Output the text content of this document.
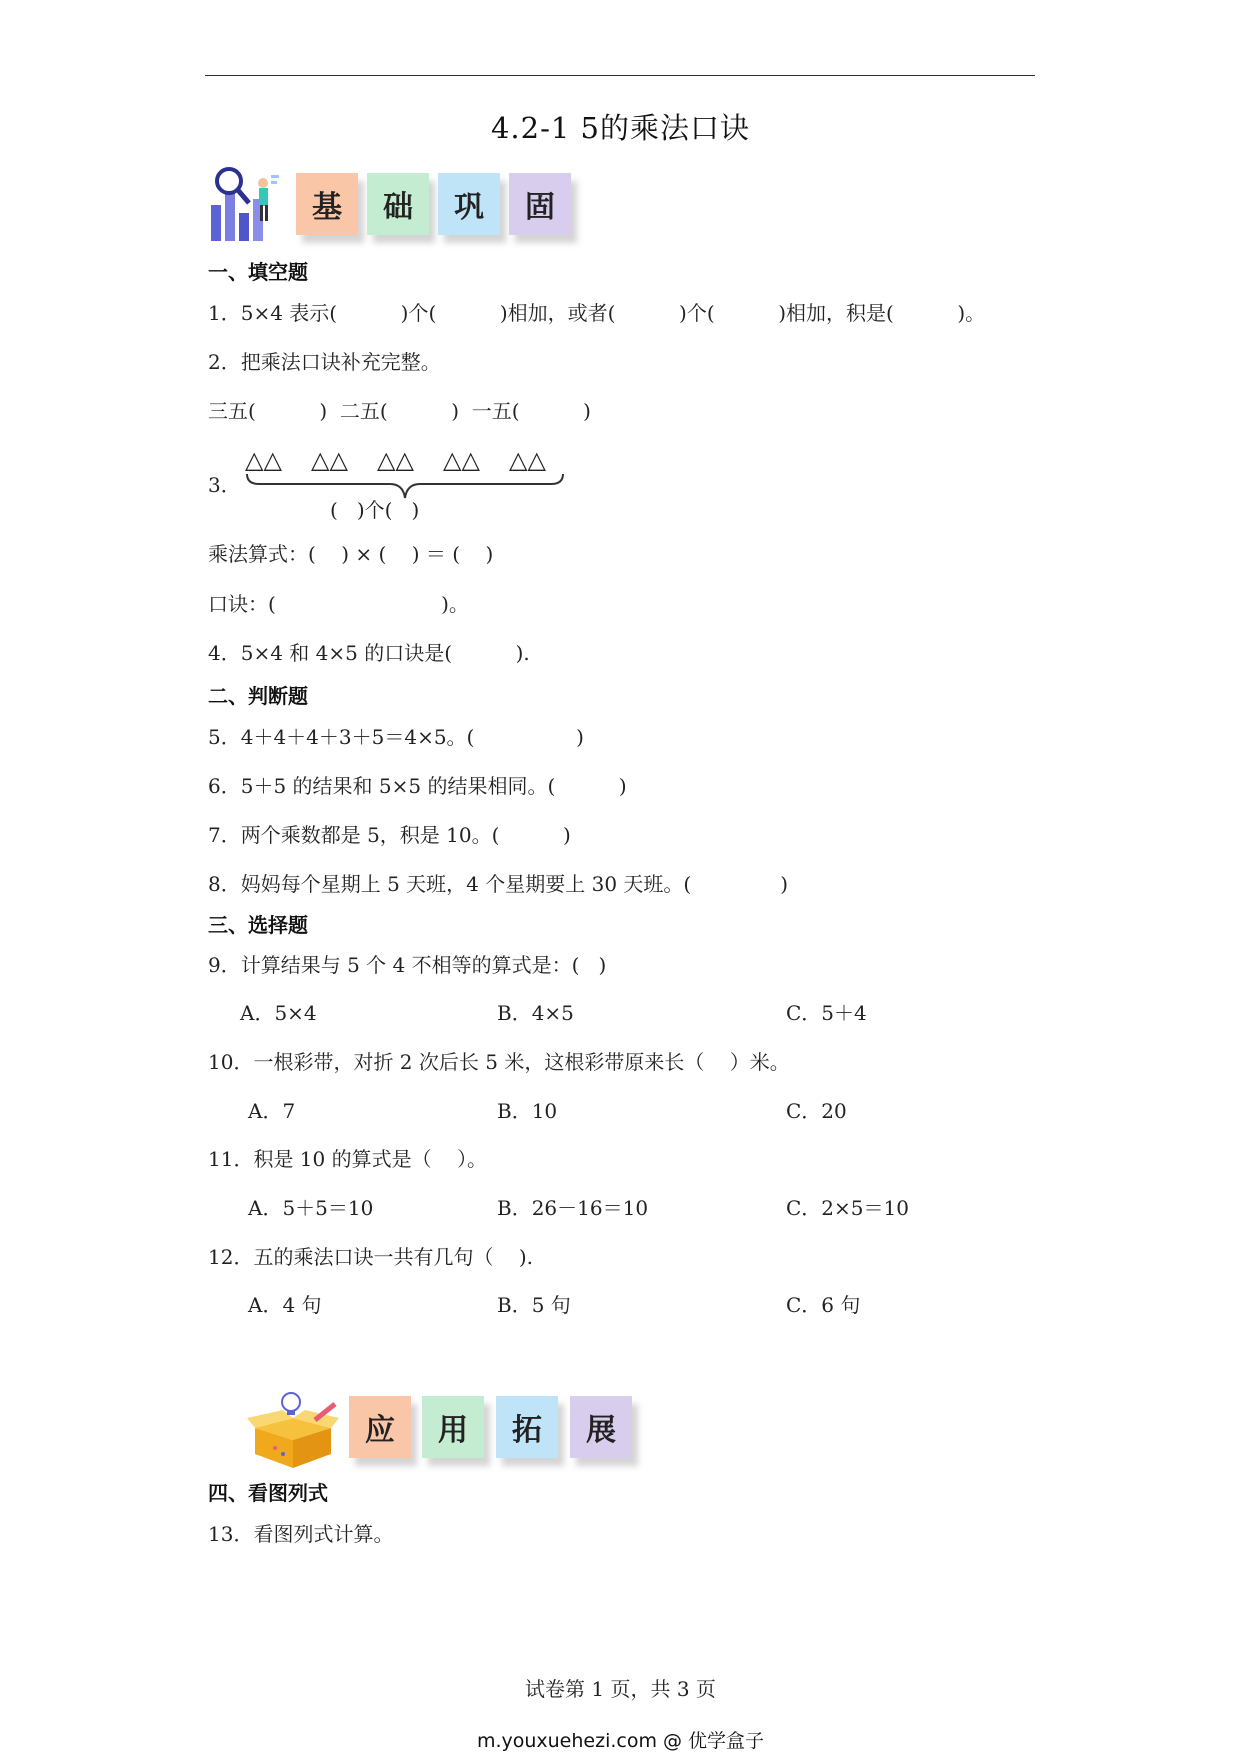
4.2-1 5的乘法口诀
基 础 巩 固
一、填空题
1．5×4 表示(          )个(          )相加，或者(          )个(          )相加，积是(          )。
2．把乘法口诀补充完整。
三五(          )  二五(          )  一五(          )
3．
△△ △△ △△ △△ △△
(   )个(   )
乘法算式：(    ) × (    ) ＝ (    )
口诀：(                          )。
4．5×4 和 4×5 的口诀是(          ).
二、判断题
5．4＋4＋4＋3＋5＝4×5。(                )
6．5＋5 的结果和 5×5 的结果相同。(          )
7．两个乘数都是 5，积是 10。(          )
8．妈妈每个星期上 5 天班，4 个星期要上 30 天班。(              )
三、选择题
9．计算结果与 5 个 4 不相等的算式是：(   )
A．5×4	B．4×5	C．5＋4
10．一根彩带，对折 2 次后长 5 米，这根彩带原来长（    ）米。
A．7	B．10	C．20
11．积是 10 的算式是（    ）。
A．5＋5＝10	B．26－16＝10	C．2×5＝10
12．五的乘法口诀一共有几句（    ).
A．4 句	B．5 句	C．6 句
应 用 拓 展
四、看图列式
13．看图列式计算。
试卷第 1 页，共 3 页
m.youxuehezi.com @ 优学盒子
